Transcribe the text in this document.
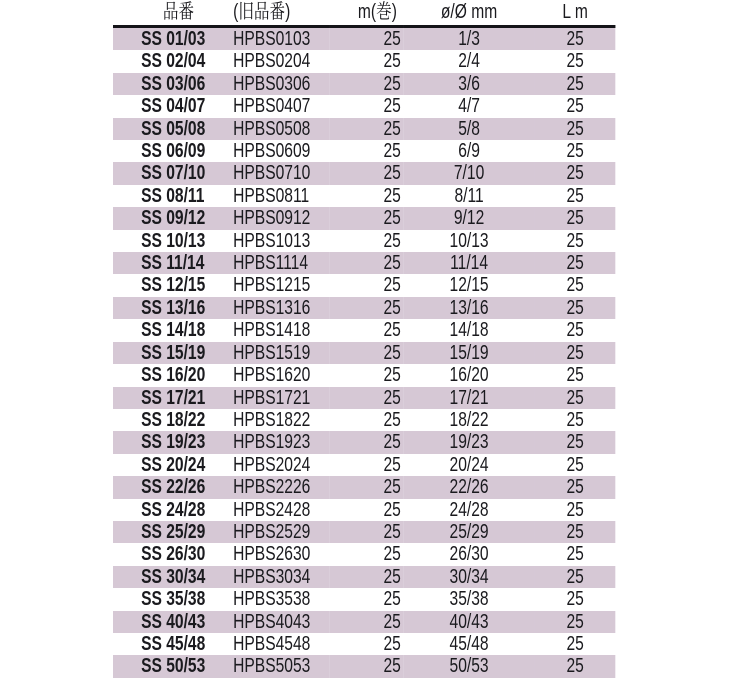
品番	(旧品番)	m(巻)	ø/Ø mm	L m
SS 01/03	HPBS0103	25	1/3	25
SS 02/04	HPBS0204	25	2/4	25
SS 03/06	HPBS0306	25	3/6	25
SS 04/07	HPBS0407	25	4/7	25
SS 05/08	HPBS0508	25	5/8	25
SS 06/09	HPBS0609	25	6/9	25
SS 07/10	HPBS0710	25	7/10	25
SS 08/11	HPBS0811	25	8/11	25
SS 09/12	HPBS0912	25	9/12	25
SS 10/13	HPBS1013	25	10/13	25
SS 11/14	HPBS1114	25	11/14	25
SS 12/15	HPBS1215	25	12/15	25
SS 13/16	HPBS1316	25	13/16	25
SS 14/18	HPBS1418	25	14/18	25
SS 15/19	HPBS1519	25	15/19	25
SS 16/20	HPBS1620	25	16/20	25
SS 17/21	HPBS1721	25	17/21	25
SS 18/22	HPBS1822	25	18/22	25
SS 19/23	HPBS1923	25	19/23	25
SS 20/24	HPBS2024	25	20/24	25
SS 22/26	HPBS2226	25	22/26	25
SS 24/28	HPBS2428	25	24/28	25
SS 25/29	HPBS2529	25	25/29	25
SS 26/30	HPBS2630	25	26/30	25
SS 30/34	HPBS3034	25	30/34	25
SS 35/38	HPBS3538	25	35/38	25
SS 40/43	HPBS4043	25	40/43	25
SS 45/48	HPBS4548	25	45/48	25
SS 50/53	HPBS5053	25	50/53	25
